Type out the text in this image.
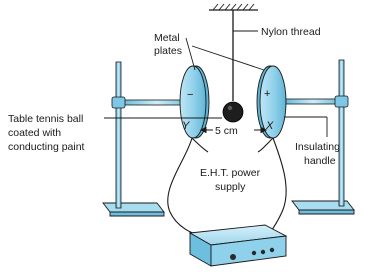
−
Y
+
X
5 cm
Nylon thread
Metal
plates
Table tennis ball
coated with
conducting paint	Insulating
handle
E.H.T. power
supply
